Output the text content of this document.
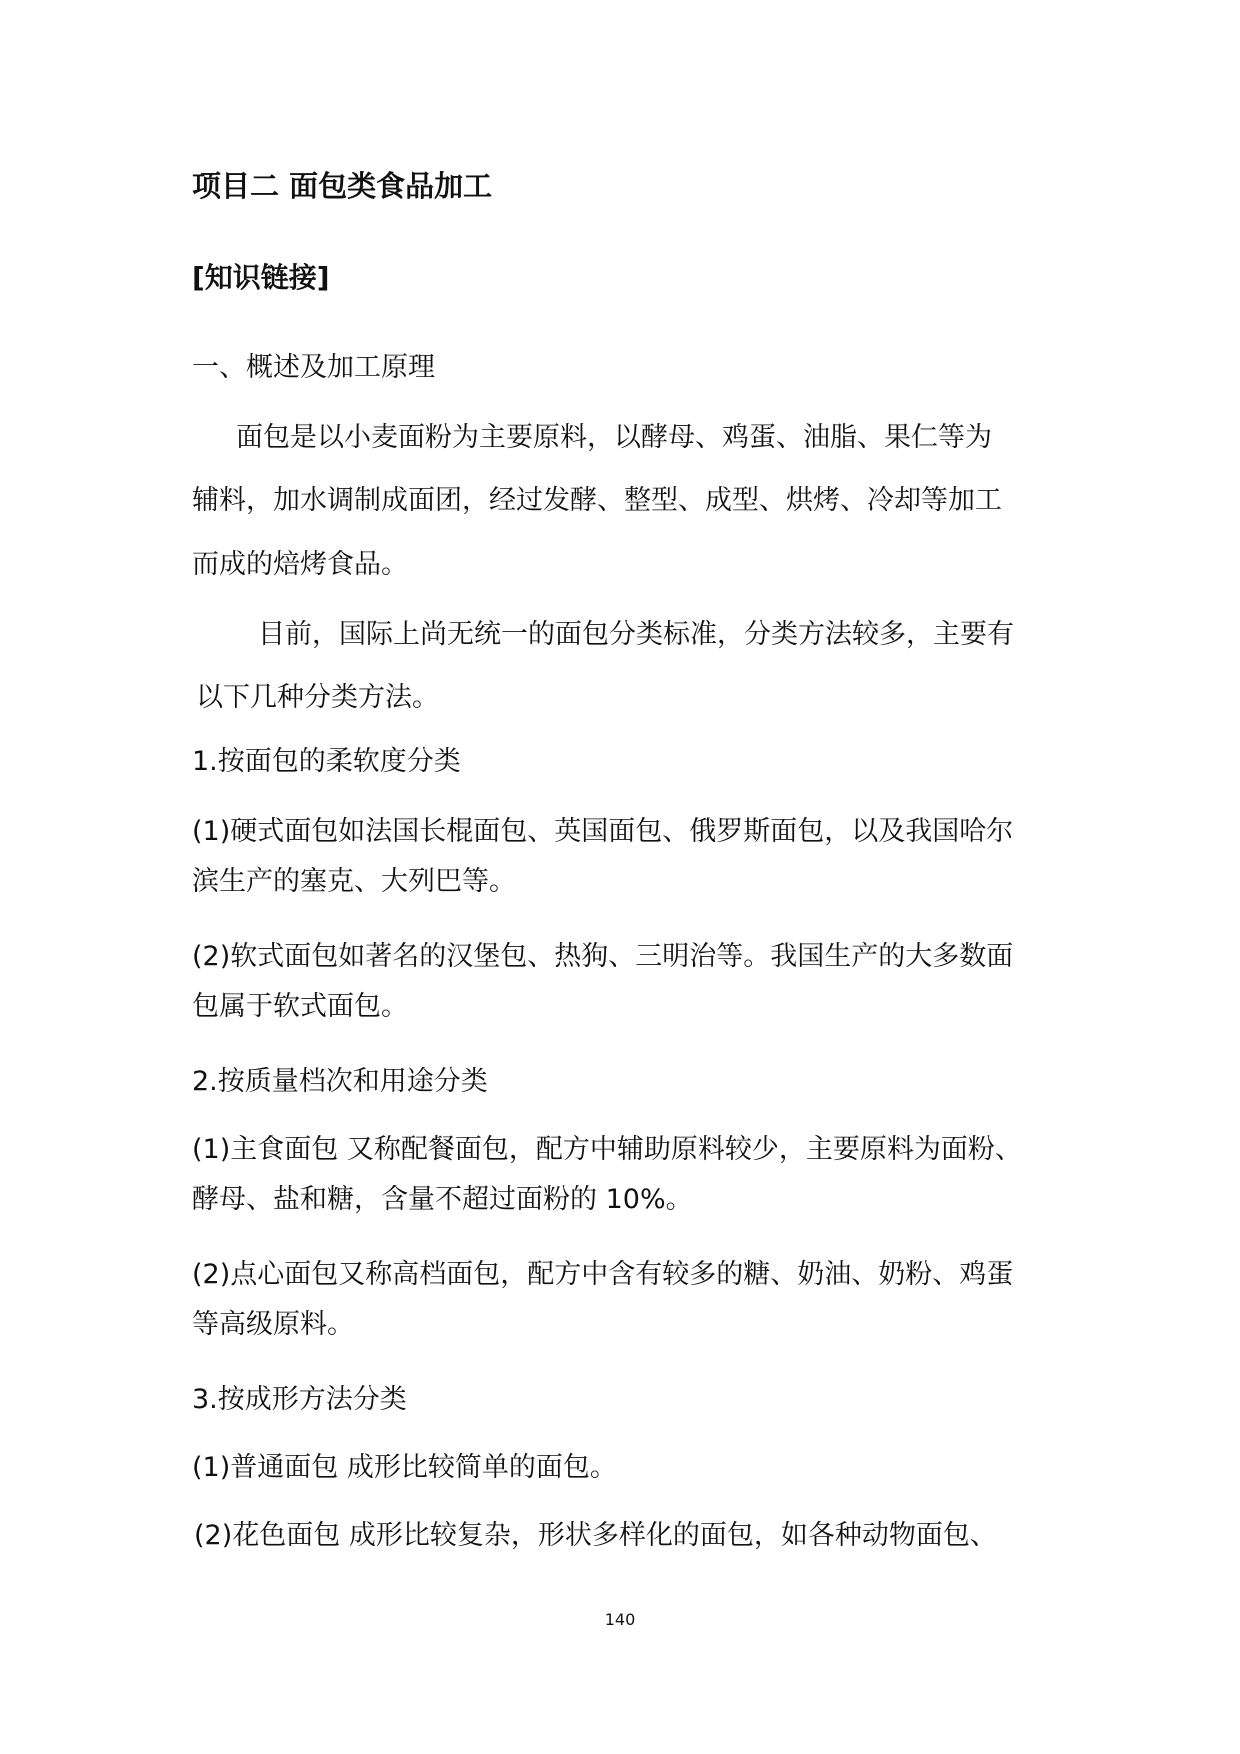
项目二 面包类食品加工

[知识链接]

一、概述及加工原理

面包是以小麦面粉为主要原料，以酵母、鸡蛋、油脂、果仁等为

辅料，加水调制成面团，经过发酵、整型、成型、烘烤、冷却等加工

而成的焙烤食品。

目前，国际上尚无统一的面包分类标准，分类方法较多，主要有

以下几种分类方法。

1.按面包的柔软度分类

(1)硬式面包如法国长棍面包、英国面包、俄罗斯面包，以及我国哈尔

滨生产的塞克、大列巴等。

(2)软式面包如著名的汉堡包、热狗、三明治等。我国生产的大多数面

包属于软式面包。

2.按质量档次和用途分类

(1)主食面包 又称配餐面包，配方中辅助原料较少，主要原料为面粉、

酵母、盐和糖，含量不超过面粉的 10%。

(2)点心面包又称高档面包，配方中含有较多的糖、奶油、奶粉、鸡蛋

等高级原料。

3.按成形方法分类

(1)普通面包 成形比较简单的面包。

(2)花色面包 成形比较复杂，形状多样化的面包，如各种动物面包、

140
